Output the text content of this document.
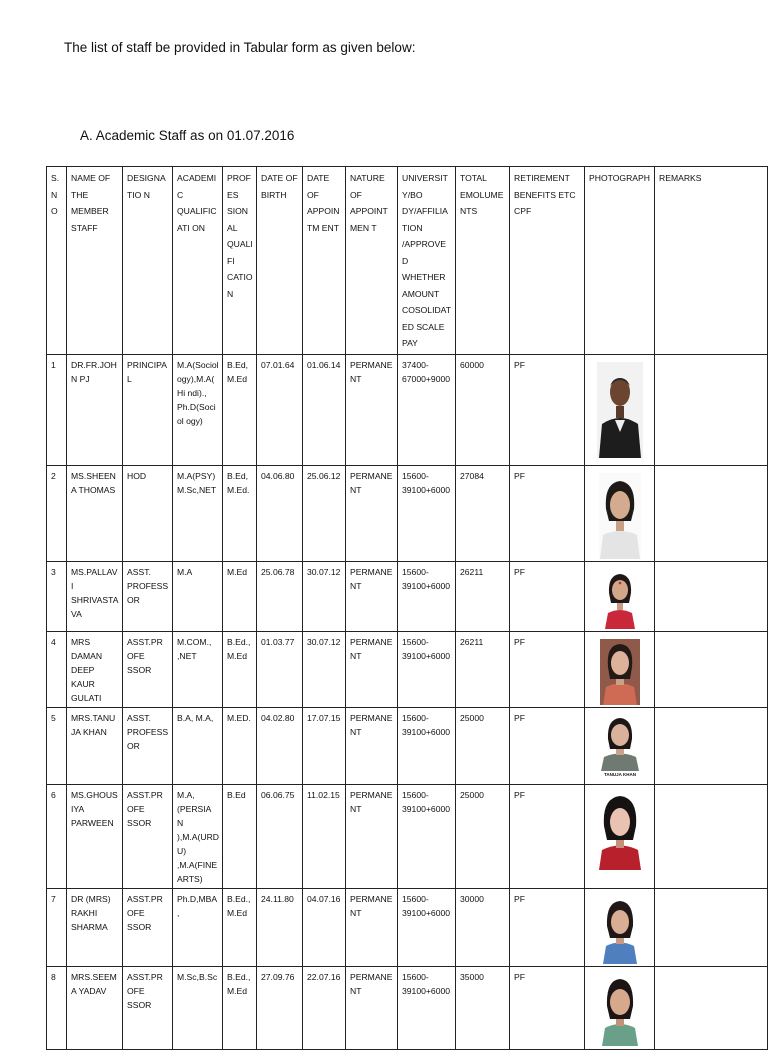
The list of staff be provided in Tabular form as given below:
A. Academic Staff as on 01.07.2016
S. NO	NAME OF THE MEMBER STAFF	DESIGNATIO N	ACADEMIC QUALIFICATI ON	PROFES SIONAL QUALIFI CATION	DATE OF BIRTH	DATE OF APPOINTM ENT	NATURE OF APPOINTMEN T	UNIVERSITY/BO DY/AFFILIATION /APPROVED WHETHER AMOUNT COSOLIDATED SCALE PAY	TOTAL EMOLUMENTS	RETIREMENT BENEFITS ETC CPF	PHOTOGRAPH	REMARKS
1	DR.FR.JOHN PJ	PRINCIPAL	M.A(Sociol ogy),M.A(Hi ndi)., Ph.D(Sociol ogy)	B.Ed, M.Ed	07.01.64	01.06.14	PERMANENT	37400- 67000+9000	60000	PF	

2	MS.SHEENA THOMAS	HOD	M.A(PSY) M.Sc,NET	B.Ed, M.Ed.	04.06.80	25.06.12	PERMANENT	15600- 39100+6000	27084	PF	

3	MS.PALLAVI SHRIVASTAVA	ASST. PROFESSOR	M.A	M.Ed	25.06.78	30.07.12	PERMANENT	15600- 39100+6000	26211	PF	

4	MRS DAMAN DEEP KAUR GULATI	ASST.PROFE SSOR	M.COM., ,NET	B.Ed., M.Ed	01.03.77	30.07.12	PERMANENT	15600- 39100+6000	26211	PF	

5	MRS.TANUJA KHAN	ASST. PROFESSOR	B.A, M.A,	M.ED.	04.02.80	17.07.15	PERMANENT	15600- 39100+6000	25000	PF	TANUJA KHAN	

6	MS.GHOUSIYA PARWEEN	ASST.PROFE SSOR	M.A,(PERSIA N ),M.A(URDU) ,M.A(FINE ARTS)	B.Ed	06.06.75	11.02.15	PERMANENT	15600- 39100+6000	25000	PF	

7	DR (MRS) RAKHI SHARMA	ASST.PROFE SSOR	Ph.D,MBA,	B.Ed., M.Ed	24.11.80	04.07.16	PERMANENT	15600- 39100+6000	30000	PF	

8	MRS.SEEMA YADAV	ASST.PROFE SSOR	M.Sc,B.Sc	B.Ed., M.Ed	27.09.76	22.07.16	PERMANENT	15600- 39100+6000	35000	PF	
